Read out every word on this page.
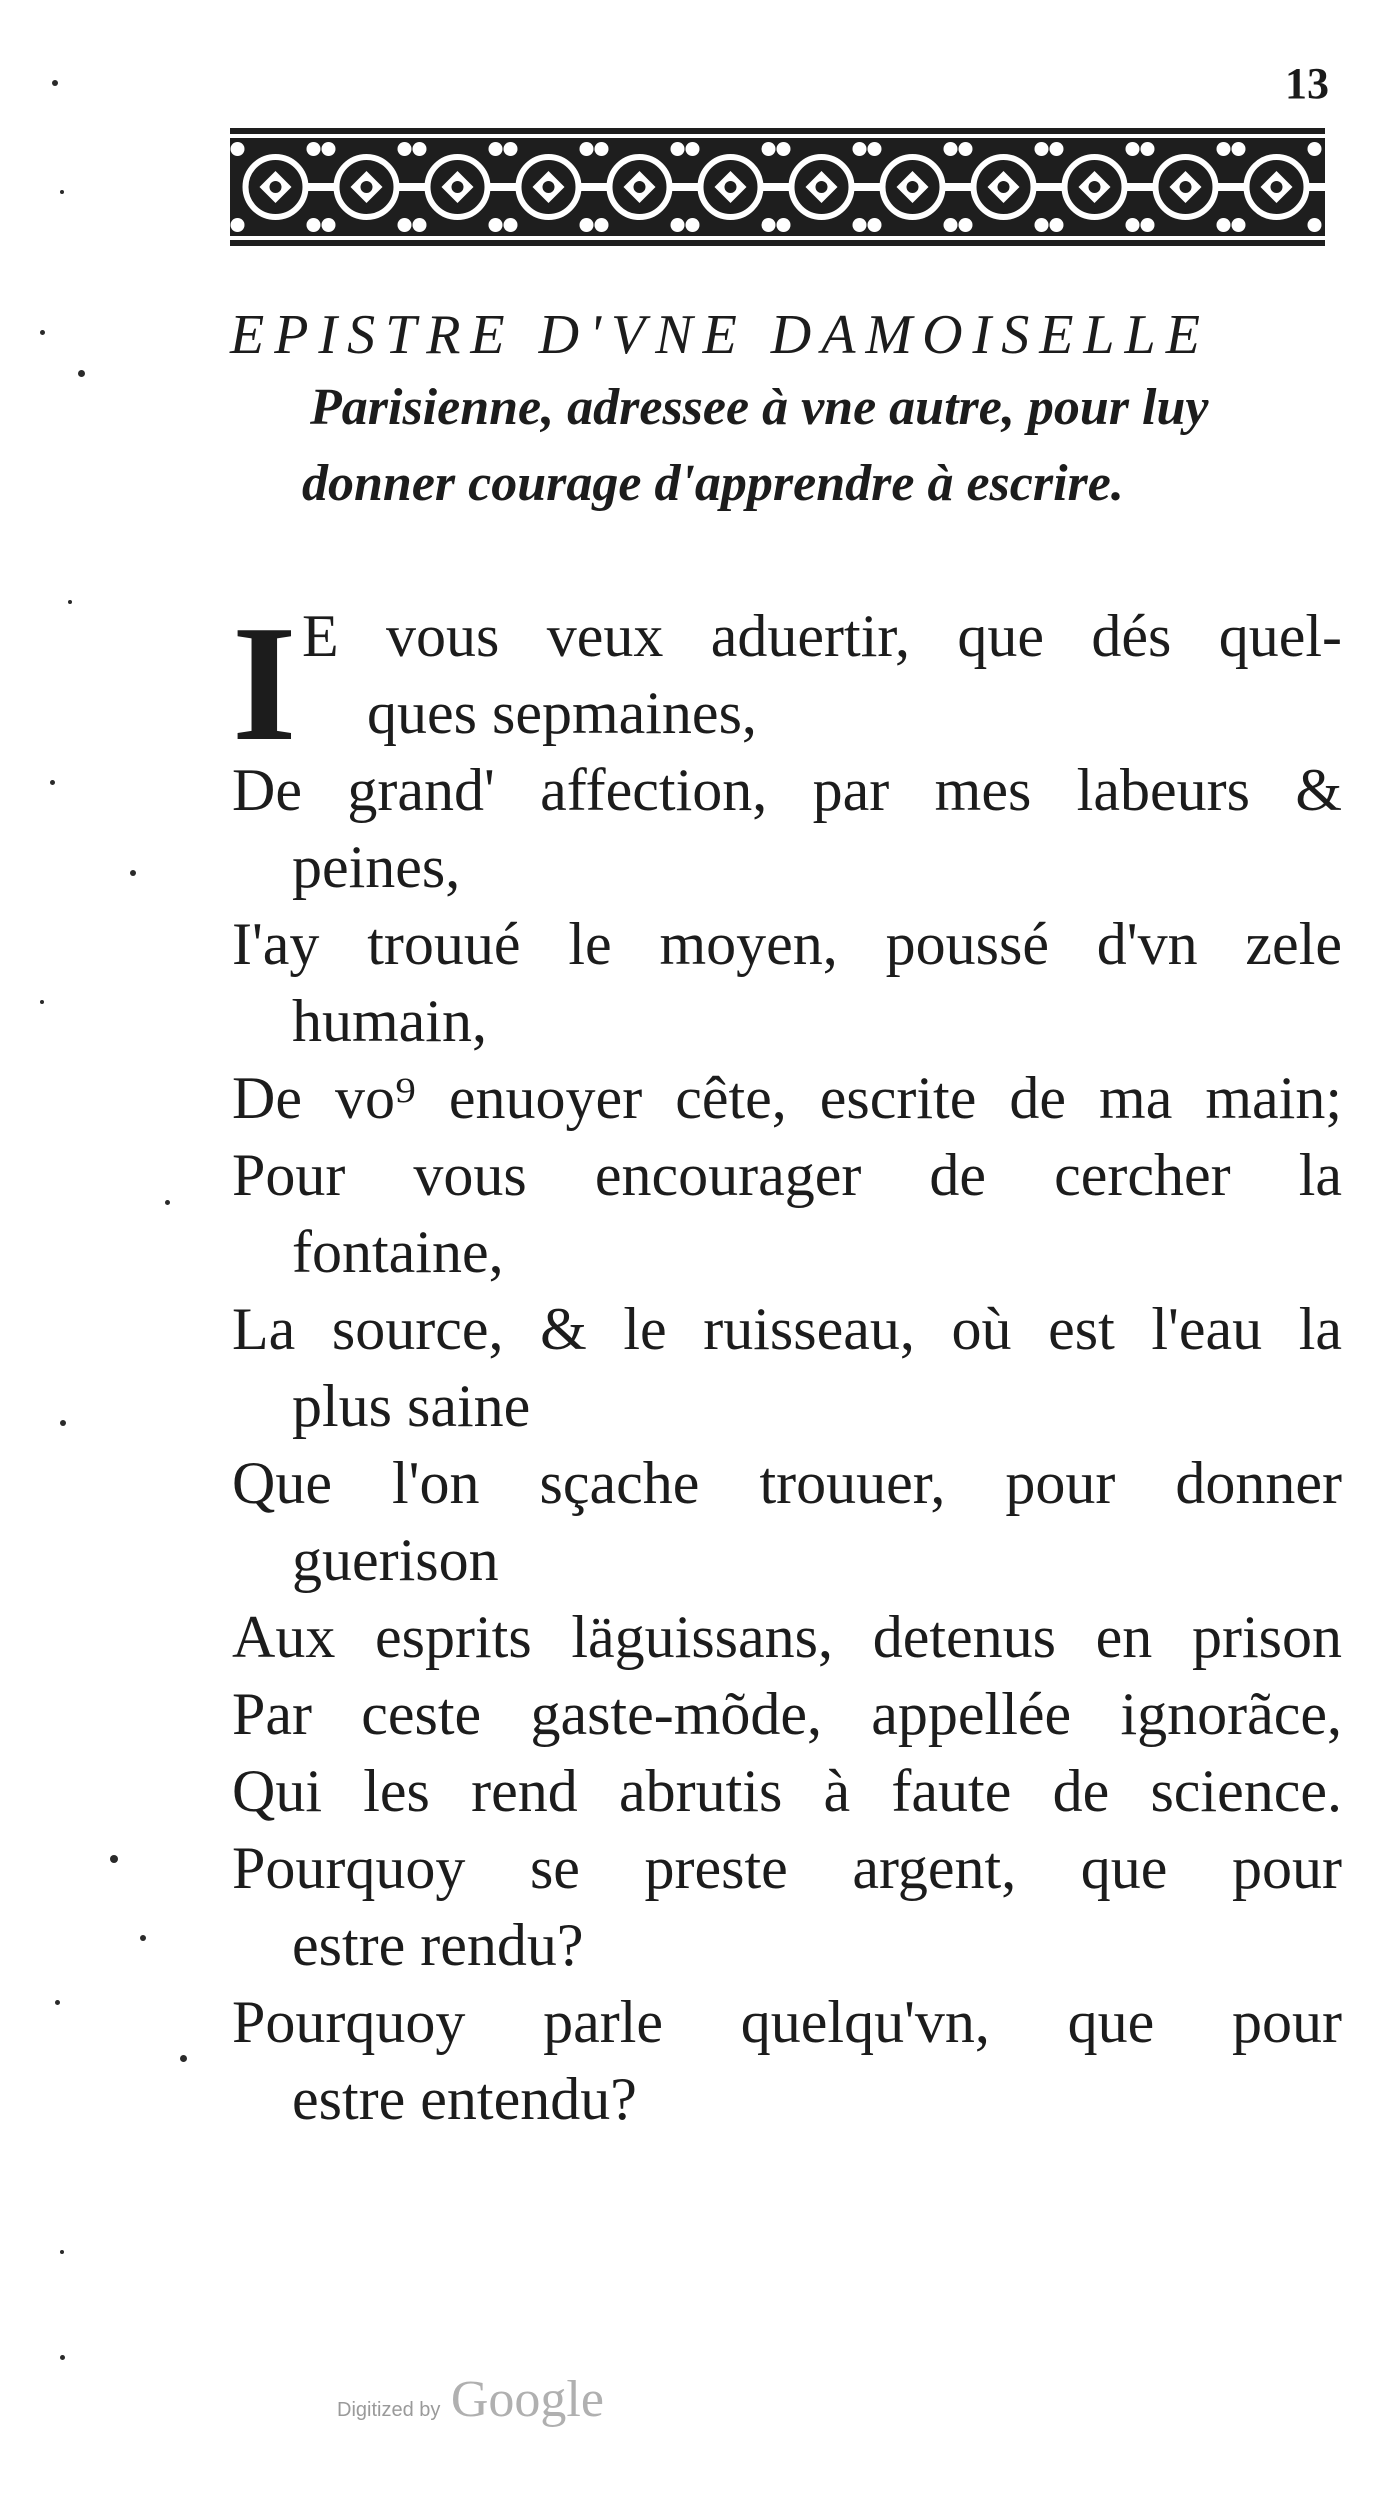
13
EPISTRE D'VNE DAMOISELLE
Parisienne, adressee à vne autre, pour luy
donner courage d'apprendre à escrire.
I E vous veux aduertir, que dés quel-
ques sepmaines,
De grand' affection, par mes labeurs &
peines,
I'ay trouué le moyen, poussé d'vn zele
humain,
De vo⁹ enuoyer cête, escrite de ma main;
Pour vous encourager de cercher la
fontaine,
La source, & le ruisseau, où est l'eau la
plus saine
Que l'on sçache trouuer, pour donner
guerison
Aux esprits läguissans, detenus en prison
Par ceste gaste-mõde, appellée ignorãce,
Qui les rend abrutis à faute de science.
Pourquoy se preste argent, que pour
estre rendu?
Pourquoy parle quelqu'vn, que pour
estre entendu?
Digitized by Google
